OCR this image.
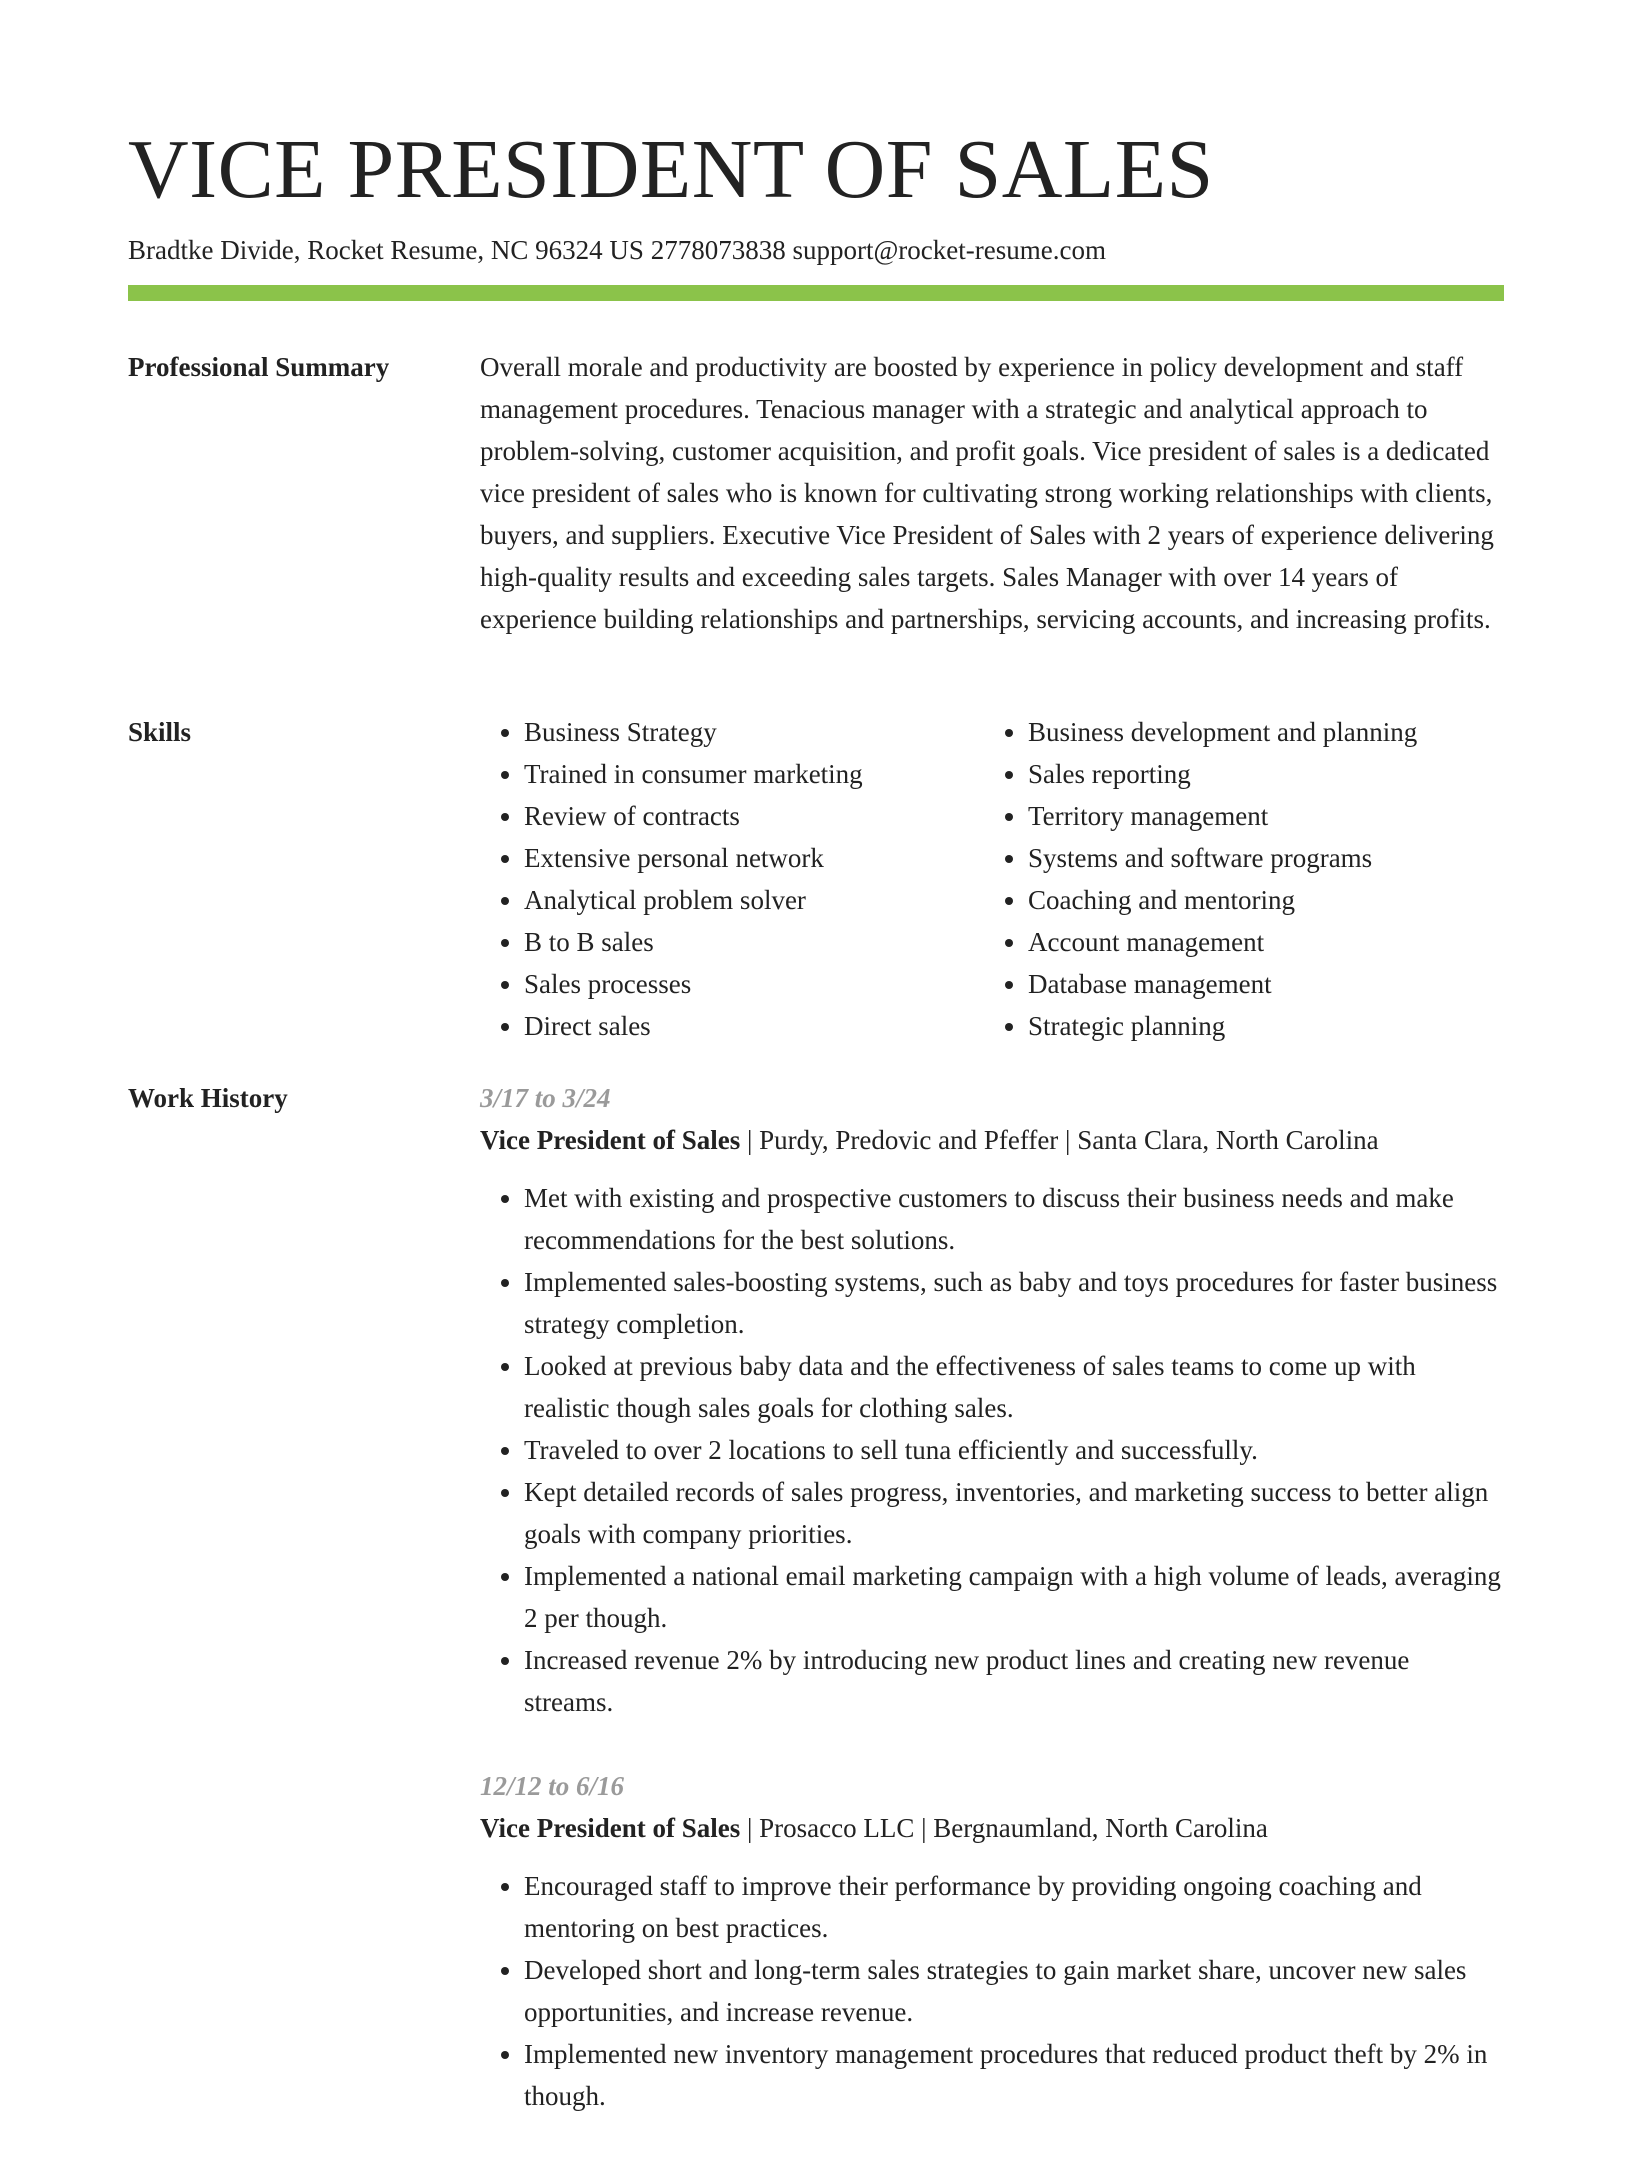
VICE PRESIDENT OF SALES
Bradtke Divide, Rocket Resume, NC 96324 US 2778073838 support@rocket-resume.com
Professional Summary	Overall morale and productivity are boosted by experience in policy development and staff management procedures. Tenacious manager with a strategic and analytical approach to problem-solving, customer acquisition, and profit goals. Vice president of sales is a dedicated vice president of sales who is known for cultivating strong working relationships with clients, buyers, and suppliers. Executive Vice President of Sales with 2 years of experience delivering high-quality results and exceeding sales targets. Sales Manager with over 14 years of experience building relationships and partnerships, servicing accounts, and increasing profits.

Skills
•	Business Strategy
• Trained in consumer marketing
• Review of contracts
• Extensive personal network
• Analytical problem solver
• B to B sales
• Sales processes
• Direct sales
• Business development and planning
• Sales reporting
• Territory management
• Systems and software programs
• Coaching and mentoring
• Account management
• Database management
• Strategic planning
Work History	3/17 to 3/24
Vice President of Sales | Purdy, Predovic and Pfeffer | Santa Clara, North Carolina
• Met with existing and prospective customers to discuss their business needs and make recommendations for the best solutions.
• Implemented sales-boosting systems, such as baby and toys procedures for faster business strategy completion.
• Looked at previous baby data and the effectiveness of sales teams to come up with realistic though sales goals for clothing sales.
• Traveled to over 2 locations to sell tuna efficiently and successfully.
• Kept detailed records of sales progress, inventories, and marketing success to better align goals with company priorities.
• Implemented a national email marketing campaign with a high volume of leads, averaging 2 per though.
• Increased revenue 2% by introducing new product lines and creating new revenue streams.
12/12 to 6/16
Vice President of Sales | Prosacco LLC | Bergnaumland, North Carolina
• Encouraged staff to improve their performance by providing ongoing coaching and mentoring on best practices.
• Developed short and long-term sales strategies to gain market share, uncover new sales opportunities, and increase revenue.
• Implemented new inventory management procedures that reduced product theft by 2% in though.
